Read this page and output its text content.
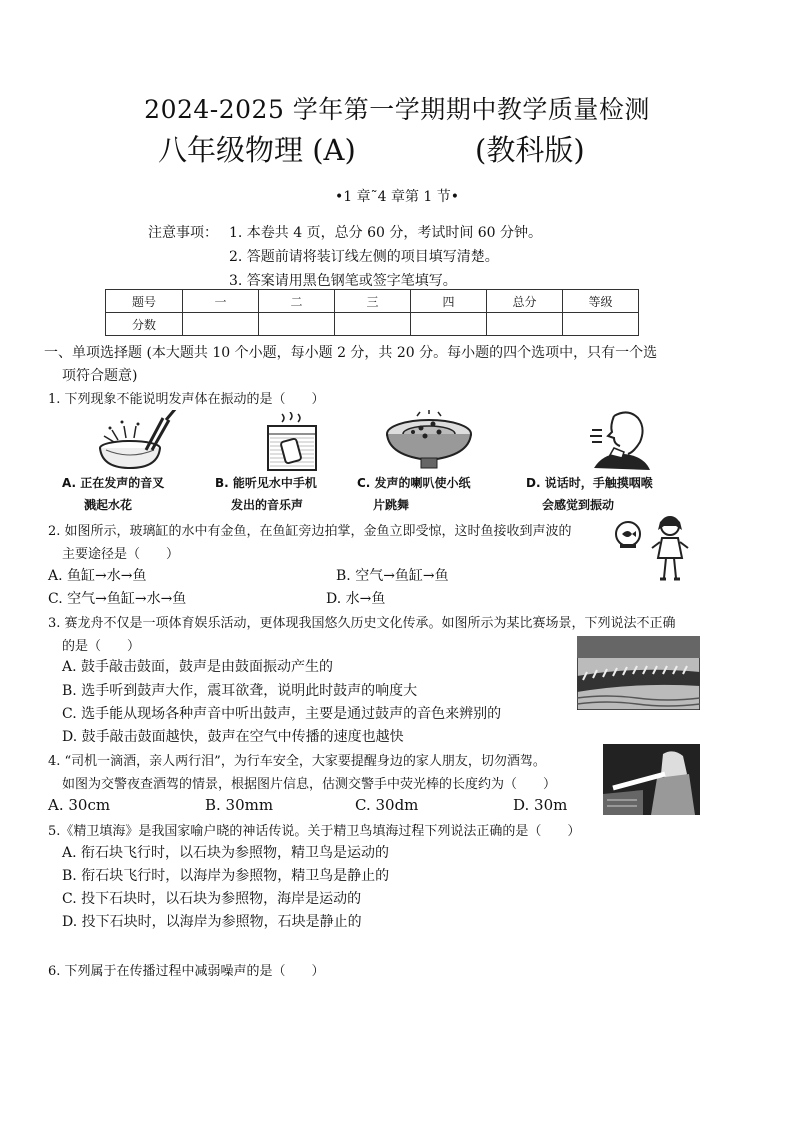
2024-2025 学年第一学期期中教学质量检测
八年级物理 (A)	(教科版)
•1 章˜4 章第 1 节•
注意事项： 1. 本卷共 4 页，总分 60 分，考试时间 60 分钟。
2. 答题前请将装订线左侧的项目填写清楚。
3. 答案请用黑色钢笔或签字笔填写。
题号	一	二	三	四	总分	等级
分数						
一、单项选择题 (本大题共 10 个小题，每小题 2 分，共 20 分。每小题的四个选项中，只有一个选
项符合题意)
1. 下列现象不能说明发声体在振动的是（　　）
A. 正在发声的音叉
溅起水花
B. 能听见水中手机
发出的音乐声
C. 发声的喇叭使小纸
片跳舞
D. 说话时，手触摸咽喉
会感觉到振动
2. 如图所示，玻璃缸的水中有金鱼，在鱼缸旁边拍掌，金鱼立即受惊，这时鱼接收到声波的
主要途径是（　　）
A. 鱼缸→水→鱼	B. 空气→鱼缸→鱼
C. 空气→鱼缸→水→鱼	D. 水→鱼
3. 赛龙舟不仅是一项体育娱乐活动，更体现我国悠久历史文化传承。如图所示为某比赛场景，下列说法不正确
的是（　　）
A. 鼓手敲击鼓面，鼓声是由鼓面振动产生的
B. 选手听到鼓声大作，震耳欲聋，说明此时鼓声的响度大
C. 选手能从现场各种声音中听出鼓声，主要是通过鼓声的音色来辨别的
D. 鼓手敲击鼓面越快，鼓声在空气中传播的速度也越快
4. “司机一滴酒，亲人两行泪”，为行车安全，大家要提醒身边的家人朋友，切勿酒驾。
如图为交警夜查酒驾的情景，根据图片信息，估测交警手中荧光棒的长度约为（　　）
A. 30cm	B. 30mm	C. 30dm	D. 30m
5.《精卫填海》是我国家喻户晓的神话传说。关于精卫鸟填海过程下列说法正确的是（　　）
A. 衔石块飞行时，以石块为参照物，精卫鸟是运动的
B. 衔石块飞行时，以海岸为参照物，精卫鸟是静止的
C. 投下石块时，以石块为参照物，海岸是运动的
D. 投下石块时，以海岸为参照物，石块是静止的
6. 下列属于在传播过程中减弱噪声的是（　　）
